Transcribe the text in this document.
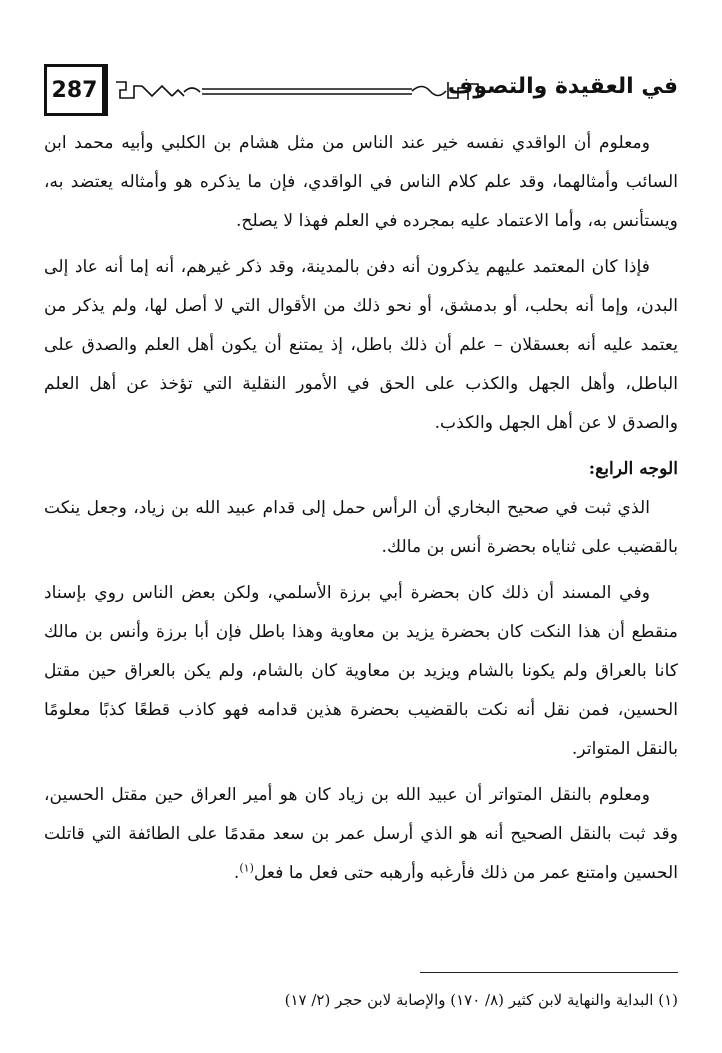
287	في العقيدة والتصوف

ومعلوم أن الواقدي نفسه خير عند الناس من مثل هشام بن الكلبي وأبيه محمد ابن السائب وأمثالهما، وقد علم كلام الناس في الواقدي، فإن ما يذكره هو وأمثاله يعتضد به، ويستأنس به، وأما الاعتماد عليه بمجرده في العلم فهذا لا يصلح.

فإذا كان المعتمد عليهم يذكرون أنه دفن بالمدينة، وقد ذكر غيرهم، أنه إما أنه عاد إلى البدن، وإما أنه بحلب، أو بدمشق، أو نحو ذلك من الأقوال التي لا أصل لها، ولم يذكر من يعتمد عليه أنه بعسقلان – علم أن ذلك باطل، إذ يمتنع أن يكون أهل العلم والصدق على الباطل، وأهل الجهل والكذب على الحق في الأمور النقلية التي تؤخذ عن أهل العلم والصدق لا عن أهل الجهل والكذب.

الوجه الرابع:

الذي ثبت في صحيح البخاري أن الرأس حمل إلى قدام عبيد الله بن زياد، وجعل ينكت بالقضيب على ثناياه بحضرة أنس بن مالك.

وفي المسند أن ذلك كان بحضرة أبي برزة الأسلمي، ولكن بعض الناس روي بإسناد منقطع أن هذا النكت كان بحضرة يزيد بن معاوية وهذا باطل فإن أبا برزة وأنس بن مالك كانا بالعراق ولم يكونا بالشام ويزيد بن معاوية كان بالشام، ولم يكن بالعراق حين مقتل الحسين، فمن نقل أنه نكت بالقضيب بحضرة هذين قدامه فهو كاذب قطعًا كذبًا معلومًا بالنقل المتواتر.

ومعلوم بالنقل المتواتر أن عبيد الله بن زياد كان هو أمير العراق حين مقتل الحسين، وقد ثبت بالنقل الصحيح أنه هو الذي أرسل عمر بن سعد مقدمًا على الطائفة التي قاتلت الحسين وامتنع عمر من ذلك فأرغبه وأرهبه حتى فعل ما فعل$^{(١)}$.

(١) البداية والنهاية لابن كثير (٨/ ١٧٠) والإصابة لابن حجر (٢/ ١٧)
